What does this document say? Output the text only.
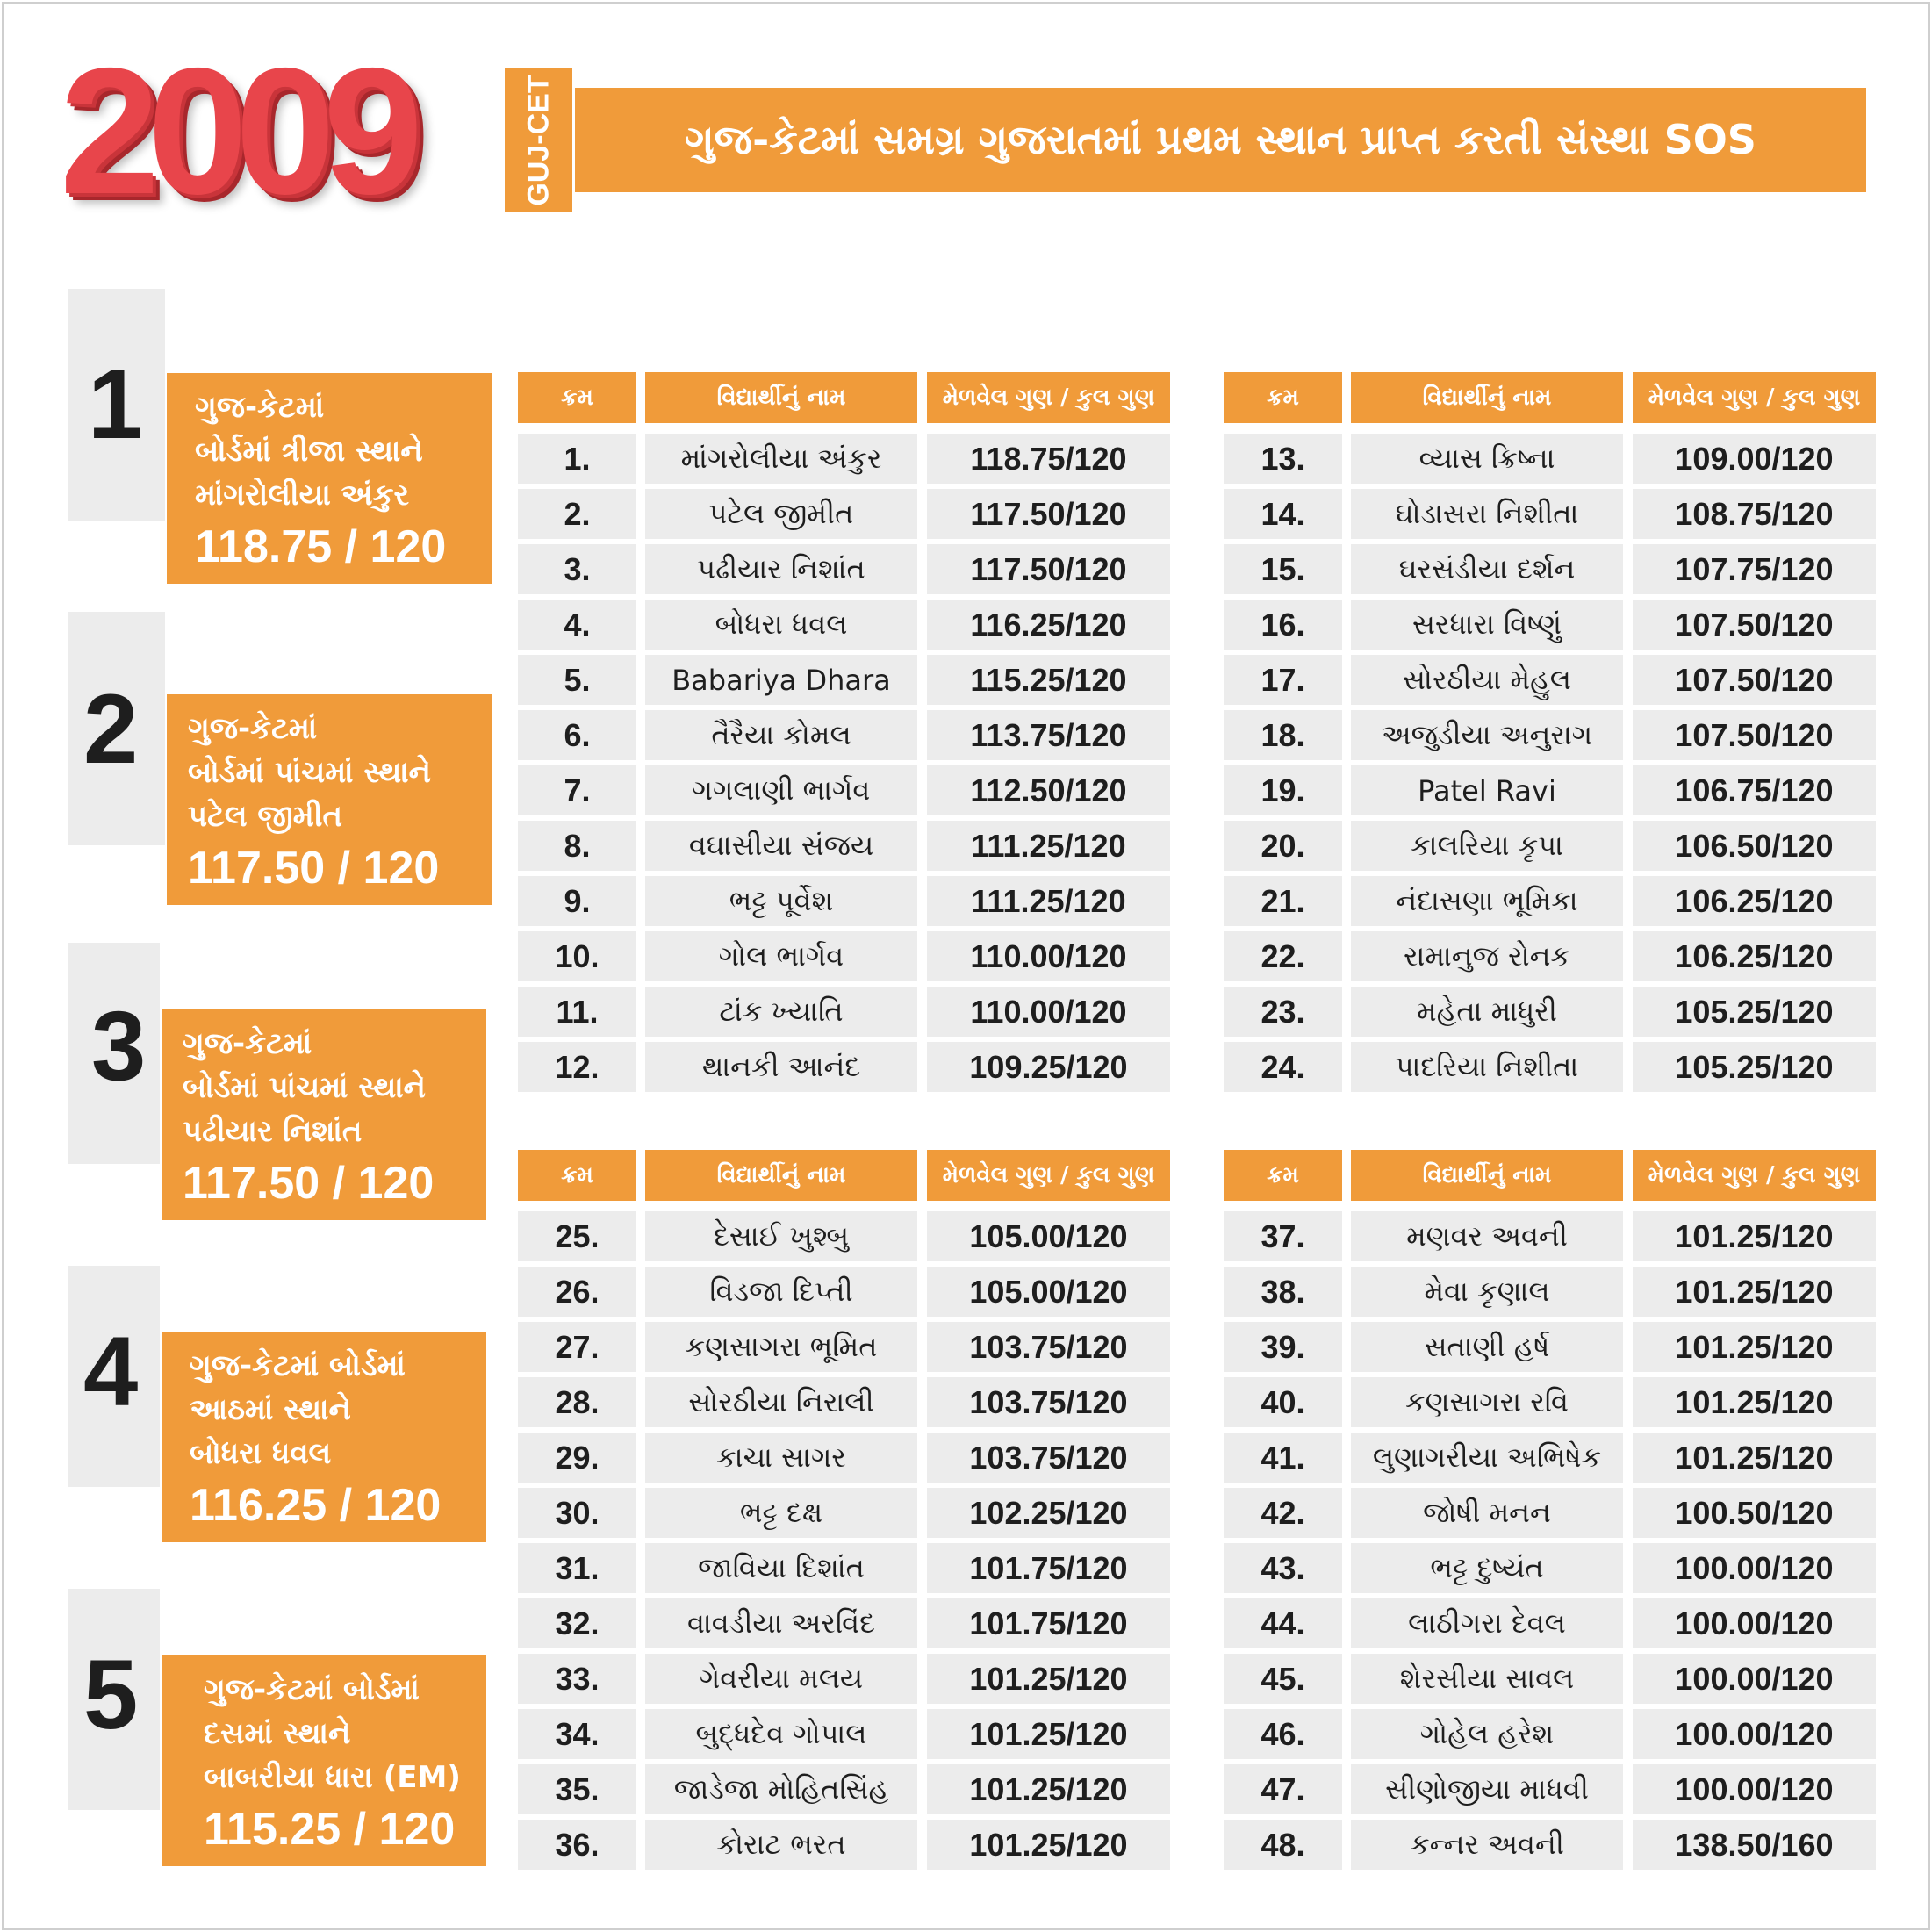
2009	GUJ-CET	ગુજ-કેટમાં સમગ્ર ગુજરાતમાં પ્રથમ સ્થાન પ્રાપ્ત કરતી સંસ્થા SOS
1 ગુજ-કેટમાં
બોર્ડમાં ત્રીજા સ્થાને
માંગરોલીયા અંકુર
118.75 / 120
2 ગુજ-કેટમાં
બોર્ડમાં પાંચમાં સ્થાને
પટેલ જીમીત
117.50 / 120
3 ગુજ-કેટમાં
બોર્ડમાં પાંચમાં સ્થાને
પઢીયાર નિશાંત
117.50 / 120
4 ગુજ-કેટમાં બોર્ડમાં
આઠમાં સ્થાને
બોધરા ધવલ
116.25 / 120
5 ગુજ-કેટમાં બોર્ડમાં
દસમાં સ્થાને
બાબરીયા ધારા (EM)
115.25 / 120
ક્રમ	વિદ્યાર્થીનું નામ	મેળવેલ ગુણ / કુલ ગુણ
1.	માંગરોલીયા અંકુર	118.75/120
2.	પટેલ જીમીત	117.50/120
3.	પઢીયાર નિશાંત	117.50/120
4.	બોધરા ધવલ	116.25/120
5.	Babariya Dhara	115.25/120
6.	તૈરૈયા કોમલ	113.75/120
7.	ગગલાણી ભાર્ગવ	112.50/120
8.	વઘાસીયા સંજય	111.25/120
9.	ભટ્ટ પૂર્વેશ	111.25/120
10.	ગોલ ભાર્ગવ	110.00/120
11.	ટાંક ખ્યાતિ	110.00/120
12.	થાનકી આનંદ	109.25/120
ક્રમ	વિદ્યાર્થીનું નામ	મેળવેલ ગુણ / કુલ ગુણ
13.	વ્યાસ ક્રિષ્ના	109.00/120
14.	ઘોડાસરા નિશીતા	108.75/120
15.	ઘરસંડીયા દર્શન	107.75/120
16.	સરધારા વિષ્ણું	107.50/120
17.	સોરઠીયા મેહુલ	107.50/120
18.	અજુડીયા અનુરાગ	107.50/120
19.	Patel Ravi	106.75/120
20.	કાલરિયા કૃપા	106.50/120
21.	નંદાસણા ભૂમિકા	106.25/120
22.	રામાનુજ રોનક	106.25/120
23.	મહેતા માધુરી	105.25/120
24.	પાદરિયા નિશીતા	105.25/120
ક્રમ	વિદ્યાર્થીનું નામ	મેળવેલ ગુણ / કુલ ગુણ
25.	દેસાઈ ખુશ્બુ	105.00/120
26.	વિડજા દિપ્તી	105.00/120
27.	કણસાગરા ભૂમિત	103.75/120
28.	સોરઠીયા નિરાલી	103.75/120
29.	કાચા સાગર	103.75/120
30.	ભટ્ટ દક્ષ	102.25/120
31.	જાવિયા દિશાંત	101.75/120
32.	વાવડીયા અરવિંદ	101.75/120
33.	ગેવરીયા મલય	101.25/120
34.	બુદ્ધદેવ ગોપાલ	101.25/120
35.	જાડેજા મોહિતસિંહ	101.25/120
36.	કોરાટ ભરત	101.25/120
ક્રમ	વિદ્યાર્થીનું નામ	મેળવેલ ગુણ / કુલ ગુણ
37.	મણવર અવની	101.25/120
38.	મેવા કૃણાલ	101.25/120
39.	સતાણી હર્ષ	101.25/120
40.	કણસાગરા રવિ	101.25/120
41.	લુણાગરીયા અભિષેક	101.25/120
42.	જોષી મનન	100.50/120
43.	ભટ્ટ દુષ્યંત	100.00/120
44.	લાઠીગરા દેવલ	100.00/120
45.	શેરસીયા સાવલ	100.00/120
46.	ગોહેલ હરેશ	100.00/120
47.	સીણોજીયા માધવી	100.00/120
48.	કન્નર અવની	138.50/160
